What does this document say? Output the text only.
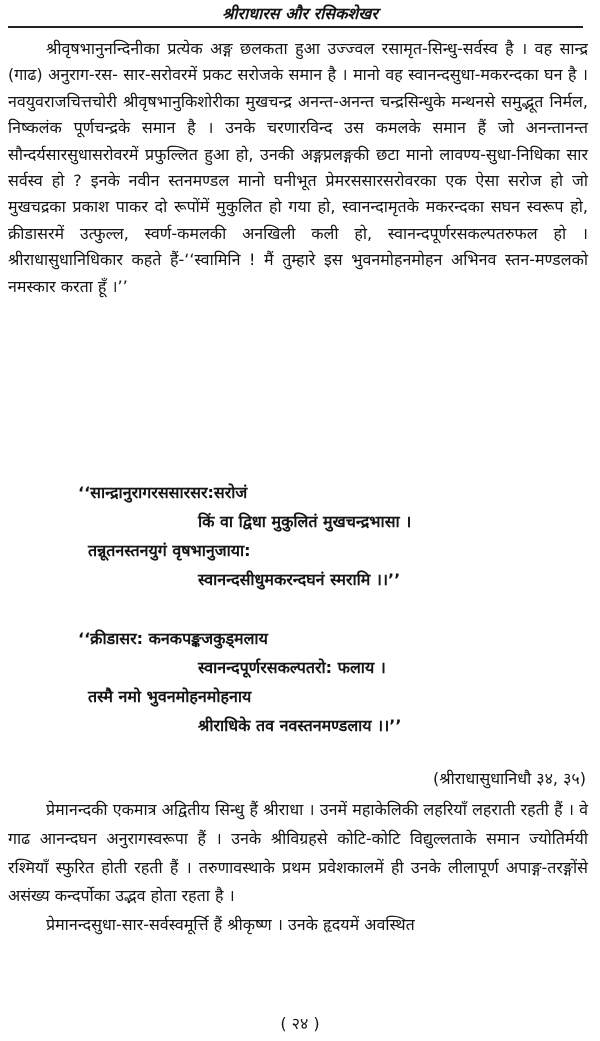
श्रीराधारस और रसिकशेखर

श्रीवृषभानुनन्दिनीका प्रत्येक अङ्ग छलकता हुआ उज्ज्वल रसामृत-सिन्धु-सर्वस्व है । वह सान्द्र (गाढ) अनुराग-रस- सार-सरोवरमें प्रकट सरोजके समान है । मानो वह स्वानन्दसुधा-मकरन्दका घन है । नवयुवराजचित्तचोरी श्रीवृषभानुकिशोरीका मुखचन्द्र अनन्त-अनन्त चन्द्रसिन्धुके मन्थनसे समुद्भूत निर्मल, निष्कलंक पूर्णचन्द्रके समान है । उनके चरणारविन्द उस कमलके समान हैं जो अनन्तानन्त सौन्दर्यसारसुधासरोवरमें प्रफुल्लित हुआ हो, उनकी अङ्गप्रलङ्गकी छटा मानो लावण्य-सुधा-निधिका सार सर्वस्व हो ? इनके नवीन स्तनमण्डल मानो घनीभूत प्रेमरससारसरोवरका एक ऐसा सरोज हो जो मुखचद्रका प्रकाश पाकर दो रूपोंमें मुकुलित हो गया हो, स्वानन्दामृतके मकरन्दका सघन स्वरूप हो, क्रीडासरमें उत्फुल्ल, स्वर्ण-कमलकी अनखिली कली हो, स्वानन्दपूर्णरसकल्पतरुफल हो । श्रीराधासुधानिधिकार कहते हैं-‘‘स्वामिनि ! मैं तुम्हारे इस भुवनमोहनमोहन अभिनव स्तन-मण्डलको नमस्कार करता हूँ ।’’

‘‘सान्द्रानुरागरससारसर:सरोजं
किं वा द्विधा मुकुलितं मुखचन्द्रभासा ।
तन्नूतनस्तनयुगं वृषभानुजाया:
स्वानन्दसीधुमकरन्दघनं स्मरामि ।।’’
‘‘क्रीडासर: कनकपङ्कजकुड्मलाय
स्वानन्दपूर्णरसकल्पतरो: फलाय ।
तस्मै नमो भुवनमोहनमोहनाय
श्रीराधिके तव नवस्तनमण्डलाय ।।’’
(श्रीराधासुधानिधौ ३४, ३५)

प्रेमानन्दकी एकमात्र अद्वितीय सिन्धु हैं श्रीराधा । उनमें महाकेलिकी लहरियाँ लहराती रहती हैं । वे गाढ आनन्दघन अनुरागस्वरूपा हैं । उनके श्रीविग्रहसे कोटि-कोटि विद्युल्लताके समान ज्योतिर्मयी रश्मियाँ स्फुरित होती रहती हैं । तरुणावस्थाके प्रथम प्रवेशकालमें ही उनके लीलापूर्ण अपाङ्ग-तरङ्गोंसे असंख्य कन्दर्पोका उद्भव होता रहता है ।

प्रेमानन्दसुधा-सार-सर्वस्वमूर्त्ति हैं श्रीकृष्ण । उनके हृदयमें अवस्थित

( २४ )
